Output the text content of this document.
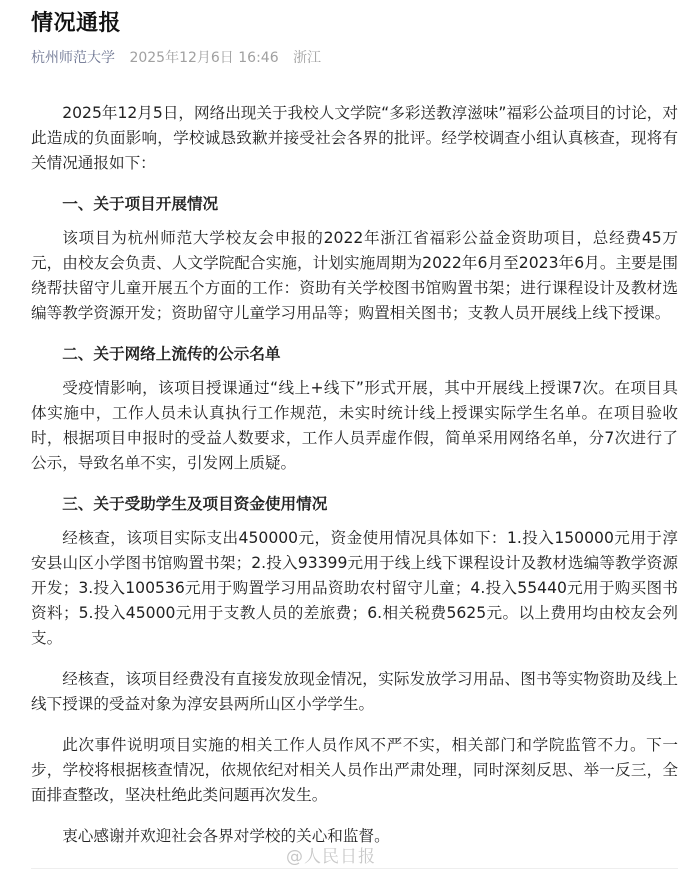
情况通报
杭州师范大学 2025年12月6日 16:46 浙江

2025年12月5日，网络出现关于我校人文学院“多彩送教淳滋味”福彩公益项目的讨论，对此造成的负面影响，学校诚恳致歉并接受社会各界的批评。经学校调查小组认真核查，现将有关情况通报如下：

一、关于项目开展情况

该项目为杭州师范大学校友会申报的2022年浙江省福彩公益金资助项目，总经费45万元，由校友会负责、人文学院配合实施，计划实施周期为2022年6月至2023年6月。主要是围绕帮扶留守儿童开展五个方面的工作：资助有关学校图书馆购置书架；进行课程设计及教材选编等教学资源开发；资助留守儿童学习用品等；购置相关图书；支教人员开展线上线下授课。

二、关于网络上流传的公示名单

受疫情影响，该项目授课通过“线上+线下”形式开展，其中开展线上授课7次。在项目具体实施中，工作人员未认真执行工作规范，未实时统计线上授课实际学生名单。在项目验收时，根据项目申报时的受益人数要求，工作人员弄虚作假，简单采用网络名单，分7次进行了公示，导致名单不实，引发网上质疑。

三、关于受助学生及项目资金使用情况

经核查，该项目实际支出450000元，资金使用情况具体如下：1.投入150000元用于淳安县山区小学图书馆购置书架；2.投入93399元用于线上线下课程设计及教材选编等教学资源开发；3.投入100536元用于购置学习用品资助农村留守儿童；4.投入55440元用于购买图书资料；5.投入45000元用于支教人员的差旅费；6.相关税费5625元。以上费用均由校友会列支。

经核查，该项目经费没有直接发放现金情况，实际发放学习用品、图书等实物资助及线上线下授课的受益对象为淳安县两所山区小学学生。

此次事件说明项目实施的相关工作人员作风不严不实，相关部门和学院监管不力。下一步，学校将根据核查情况，依规依纪对相关人员作出严肃处理，同时深刻反思、举一反三，全面排查整改，坚决杜绝此类问题再次发生。

衷心感谢并欢迎社会各界对学校的关心和监督。

@人民日报
